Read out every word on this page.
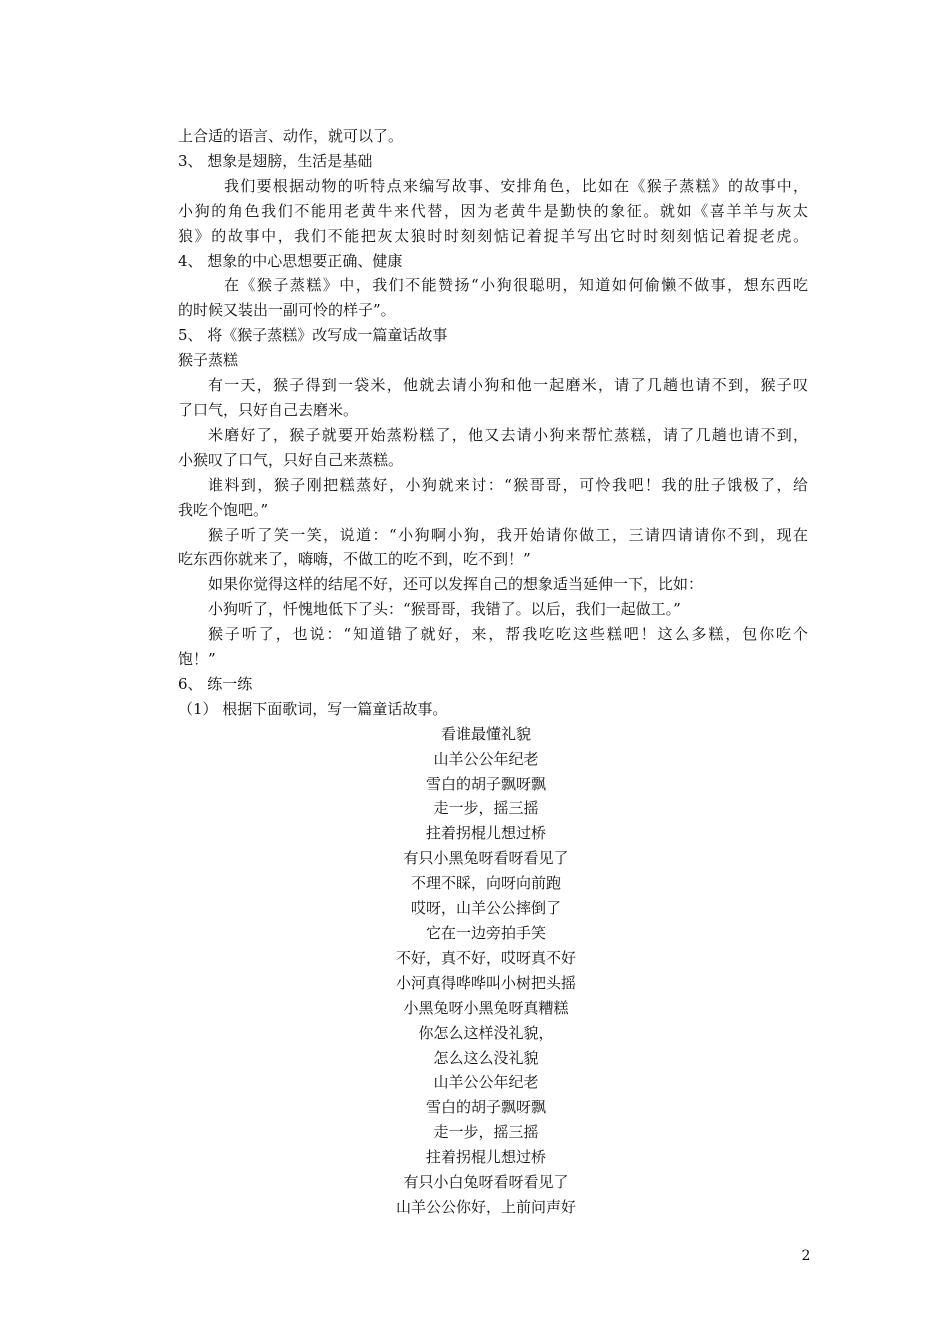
上合适的语言、动作，就可以了。
3、 想象是翅膀，生活是基础
我们要根据动物的听特点来编写故事、安排角色，比如在《猴子蒸糕》的故事中，
小狗的角色我们不能用老黄牛来代替，因为老黄牛是勤快的象征。就如《喜羊羊与灰太
狼》的故事中，我们不能把灰太狼时时刻刻惦记着捉羊写出它时时刻刻惦记着捉老虎。
4、 想象的中心思想要正确、健康
在《猴子蒸糕》中，我们不能赞扬“小狗很聪明，知道如何偷懒不做事，想东西吃
的时候又装出一副可怜的样子”。
5、 将《猴子蒸糕》改写成一篇童话故事
猴子蒸糕
有一天，猴子得到一袋米，他就去请小狗和他一起磨米，请了几趟也请不到，猴子叹
了口气，只好自己去磨米。
米磨好了，猴子就要开始蒸粉糕了，他又去请小狗来帮忙蒸糕，请了几趟也请不到，
小猴叹了口气，只好自己来蒸糕。
谁料到，猴子刚把糕蒸好，小狗就来讨：“猴哥哥，可怜我吧！我的肚子饿极了，给
我吃个饱吧。”
猴子听了笑一笑，说道：“小狗啊小狗，我开始请你做工，三请四请请你不到，现在
吃东西你就来了，嗨嗨，不做工的吃不到，吃不到！”
如果你觉得这样的结尾不好，还可以发挥自己的想象适当延伸一下，比如：
小狗听了，忏愧地低下了头：“猴哥哥，我错了。以后，我们一起做工。”
猴子听了，也说：“知道错了就好，来，帮我吃吃这些糕吧！这么多糕，包你吃个
饱！”
6、 练一练
（1） 根据下面歌词，写一篇童话故事。
看谁最懂礼貌
山羊公公年纪老
雪白的胡子飘呀飘
走一步，摇三摇
拄着拐棍儿想过桥
有只小黑兔呀看呀看见了
不理不睬，向呀向前跑
哎呀，山羊公公摔倒了
它在一边旁拍手笑
不好，真不好，哎呀真不好
小河真得哗哗叫小树把头摇
小黑兔呀小黑兔呀真糟糕
你怎么这样没礼貌，
怎么这么没礼貌
山羊公公年纪老
雪白的胡子飘呀飘
走一步，摇三摇
拄着拐棍儿想过桥
有只小白兔呀看呀看见了
山羊公公你好，上前问声好
2
